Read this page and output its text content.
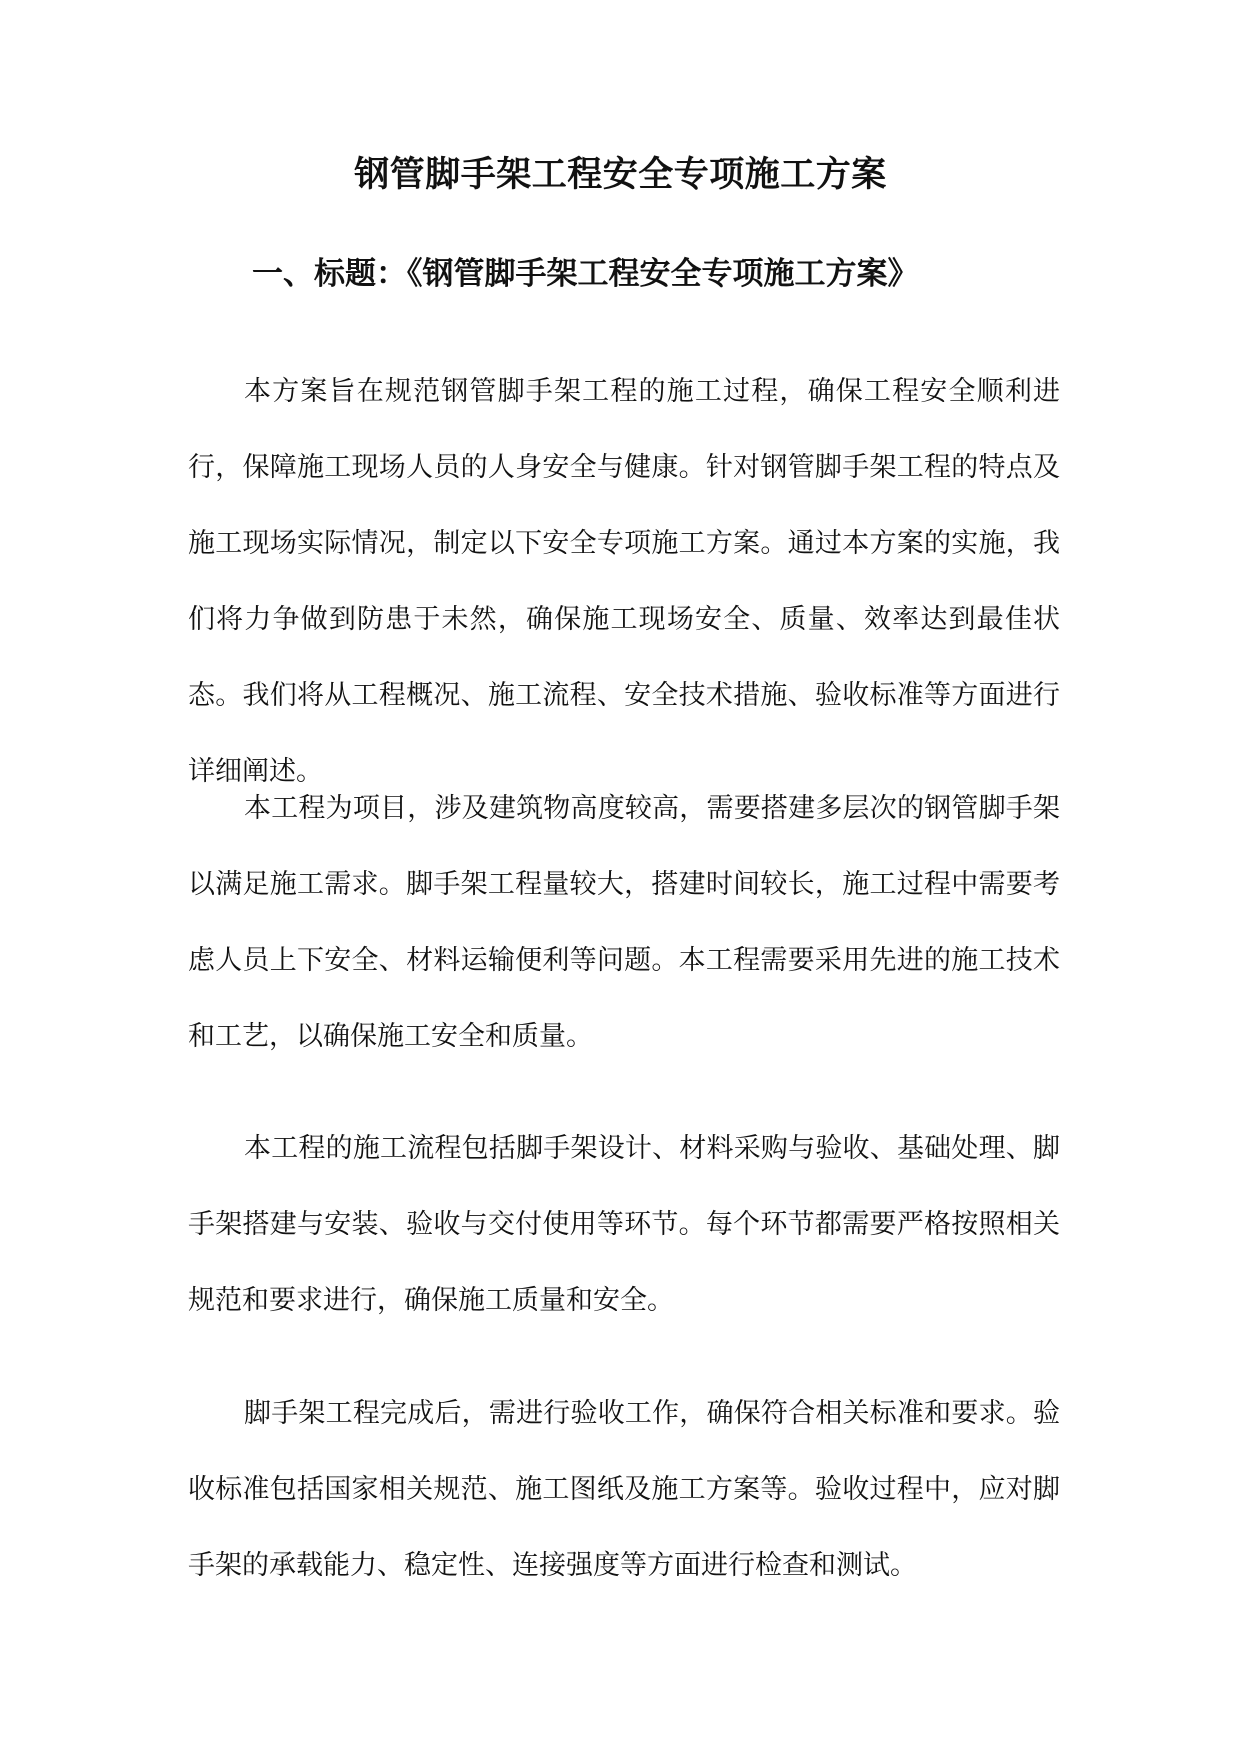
钢管脚手架工程安全专项施工方案
一、标题：《钢管脚手架工程安全专项施工方案》

本方案旨在规范钢管脚手架工程的施工过程，确保工程安全顺利进行，保障施工现场人员的人身安全与健康。针对钢管脚手架工程的特点及施工现场实际情况，制定以下安全专项施工方案。通过本方案的实施，我们将力争做到防患于未然，确保施工现场安全、质量、效率达到最佳状态。我们将从工程概况、施工流程、安全技术措施、验收标准等方面进行详细阐述。

本工程为项目，涉及建筑物高度较高，需要搭建多层次的钢管脚手架以满足施工需求。脚手架工程量较大，搭建时间较长，施工过程中需要考虑人员上下安全、材料运输便利等问题。本工程需要采用先进的施工技术和工艺，以确保施工安全和质量。

本工程的施工流程包括脚手架设计、材料采购与验收、基础处理、脚手架搭建与安装、验收与交付使用等环节。每个环节都需要严格按照相关规范和要求进行，确保施工质量和安全。

脚手架工程完成后，需进行验收工作，确保符合相关标准和要求。验收标准包括国家相关规范、施工图纸及施工方案等。验收过程中，应对脚手架的承载能力、稳定性、连接强度等方面进行检查和测试。
